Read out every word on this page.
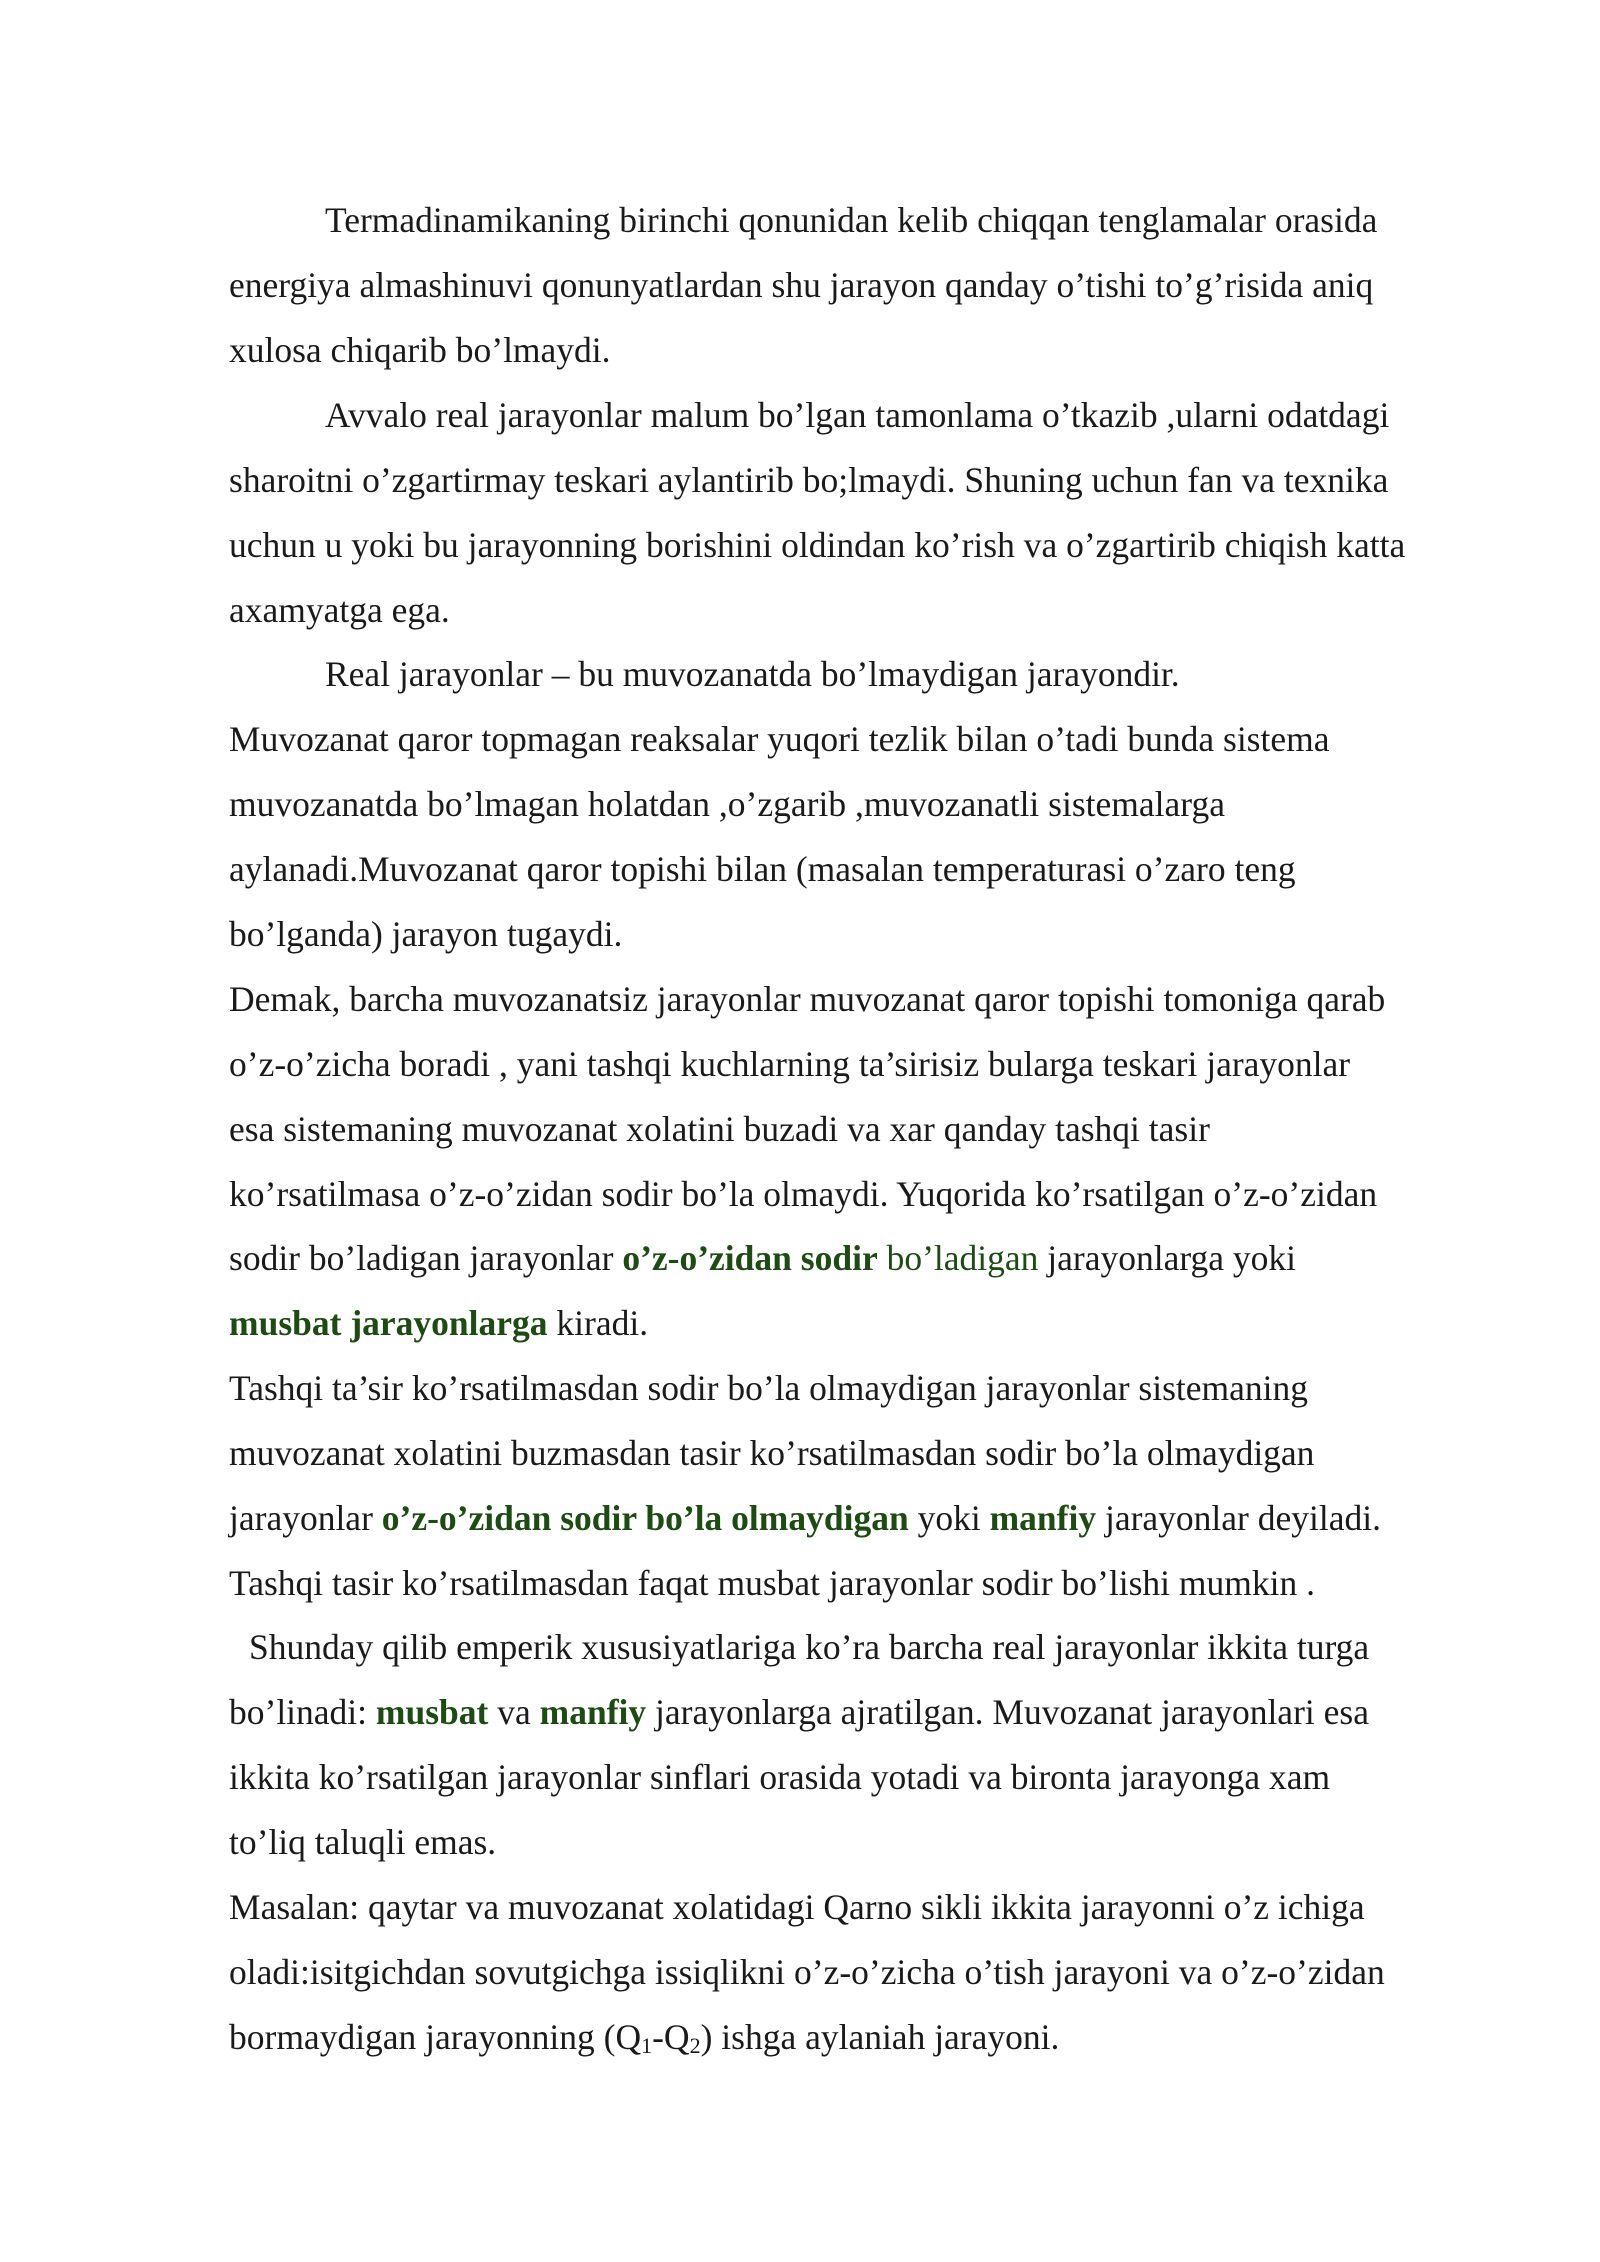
Termadinamikaning birinchi qonunidan kelib chiqqan tenglamalar orasida
energiya almashinuvi qonunyatlardan shu jarayon qanday o’tishi to’g’risida aniq
xulosa chiqarib bo’lmaydi.
Avvalo real jarayonlar malum bo’lgan tamonlama o’tkazib ,ularni odatdagi
sharoitni o’zgartirmay teskari aylantirib bo;lmaydi. Shuning uchun fan va texnika
uchun u yoki bu jarayonning borishini oldindan ko’rish va o’zgartirib chiqish katta
axamyatga ega.
Real jarayonlar – bu muvozanatda bo’lmaydigan jarayondir.
Muvozanat qaror topmagan reaksalar yuqori tezlik bilan o’tadi bunda sistema
muvozanatda bo’lmagan holatdan ,o’zgarib ,muvozanatli sistemalarga
aylanadi.Muvozanat qaror topishi bilan (masalan temperaturasi o’zaro teng
bo’lganda) jarayon tugaydi.
Demak, barcha muvozanatsiz jarayonlar muvozanat qaror topishi tomoniga qarab
o’z-o’zicha boradi , yani tashqi kuchlarning ta’sirisiz bularga teskari jarayonlar
esa sistemaning muvozanat xolatini buzadi va xar qanday tashqi tasir
ko’rsatilmasa o’z-o’zidan sodir bo’la olmaydi. Yuqorida ko’rsatilgan o’z-o’zidan
sodir bo’ladigan jarayonlar o’z-o’zidan sodir bo’ladigan jarayonlarga yoki
musbat jarayonlarga kiradi.
Tashqi ta’sir ko’rsatilmasdan sodir bo’la olmaydigan jarayonlar sistemaning
muvozanat xolatini buzmasdan tasir ko’rsatilmasdan sodir bo’la olmaydigan
jarayonlar o’z-o’zidan sodir bo’la olmaydigan yoki manfiy jarayonlar deyiladi.
Tashqi tasir ko’rsatilmasdan faqat musbat jarayonlar sodir bo’lishi mumkin .
Shunday qilib emperik xususiyatlariga ko’ra barcha real jarayonlar ikkita turga
bo’linadi: musbat va manfiy jarayonlarga ajratilgan. Muvozanat jarayonlari esa
ikkita ko’rsatilgan jarayonlar sinflari orasida yotadi va bironta jarayonga xam
to’liq taluqli emas.
Masalan: qaytar va muvozanat xolatidagi Qarno sikli ikkita jarayonni o’z ichiga
oladi:isitgichdan sovutgichga issiqlikni o’z-o’zicha o’tish jarayoni va o’z-o’zidan
bormaydigan jarayonning $(Q_1-Q_2)$ ishga aylaniah jarayoni.
